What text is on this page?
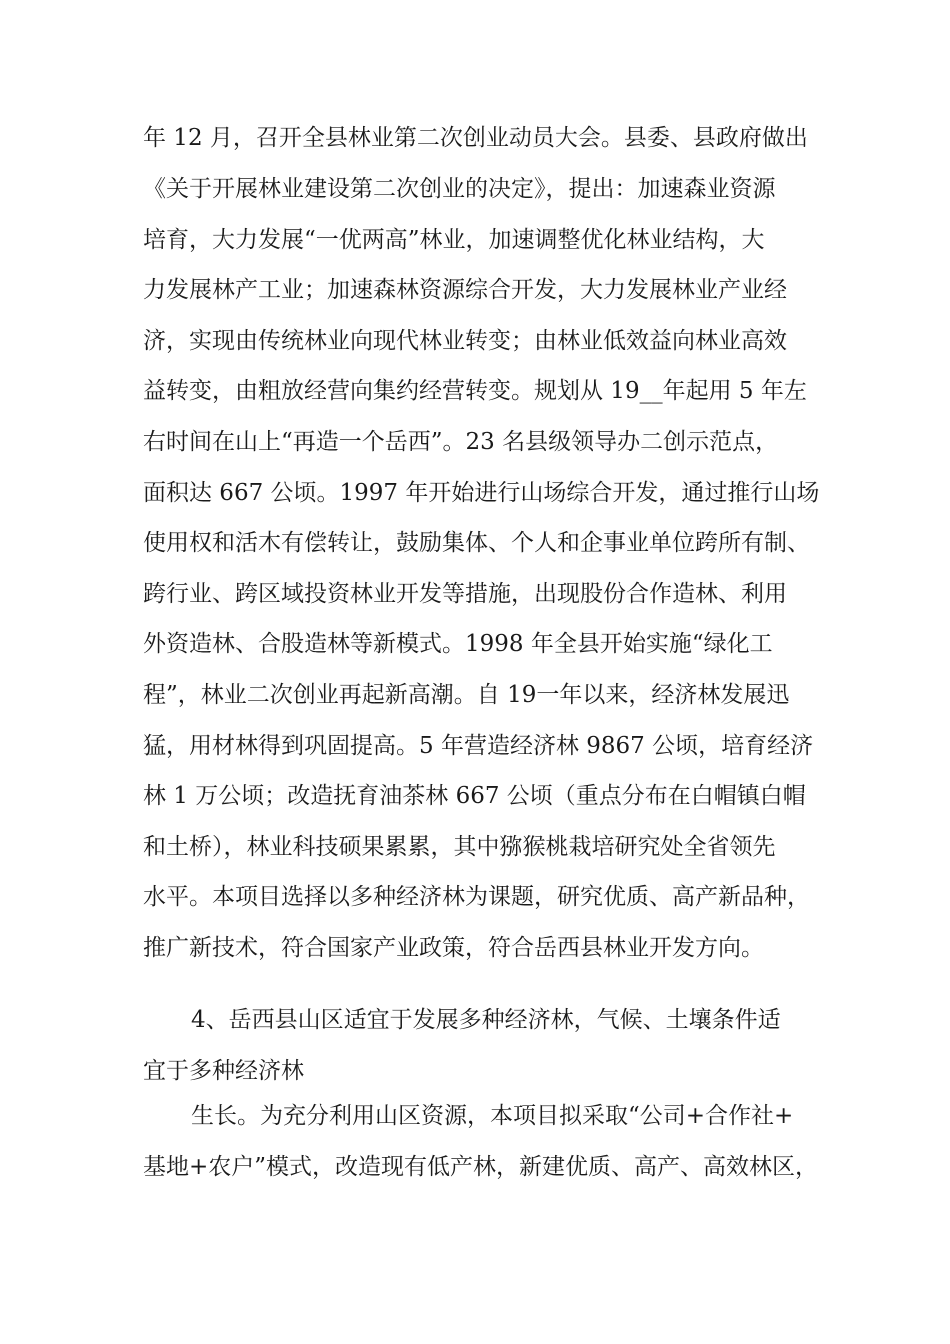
年 12 月，召开全县林业第二次创业动员大会。县委、县政府做出
《关于开展林业建设第二次创业的决定》，提出：加速森业资源
培育，大力发展“一优两高”林业，加速调整优化林业结构，大
力发展林产工业；加速森林资源综合开发，大力发展林业产业经
济，实现由传统林业向现代林业转变；由林业低效益向林业高效
益转变，由粗放经营向集约经营转变。规划从 19__年起用 5 年左
右时间在山上“再造一个岳西”。23 名县级领导办二创示范点，
面积达 667 公顷。1997 年开始进行山场综合开发，通过推行山场
使用权和活木有偿转让，鼓励集体、个人和企事业单位跨所有制、
跨行业、跨区域投资林业开发等措施，出现股份合作造林、利用
外资造林、合股造林等新模式。1998 年全县开始实施“绿化工
程”，林业二次创业再起新高潮。自 19一年以来，经济林发展迅
猛，用材林得到巩固提高。5 年营造经济林 9867 公顷，培育经济
林 1 万公顷；改造抚育油茶林 667 公顷（重点分布在白帽镇白帽
和土桥），林业科技硕果累累，其中猕猴桃栽培研究处全省领先
水平。本项目选择以多种经济林为课题，研究优质、高产新品种，
推广新技术，符合国家产业政策，符合岳西县林业开发方向。
4、岳西县山区适宜于发展多种经济林，气候、土壤条件适
宜于多种经济林
生长。为充分利用山区资源，本项目拟采取“公司+合作社+
基地+农户”模式，改造现有低产林，新建优质、高产、高效林区，
